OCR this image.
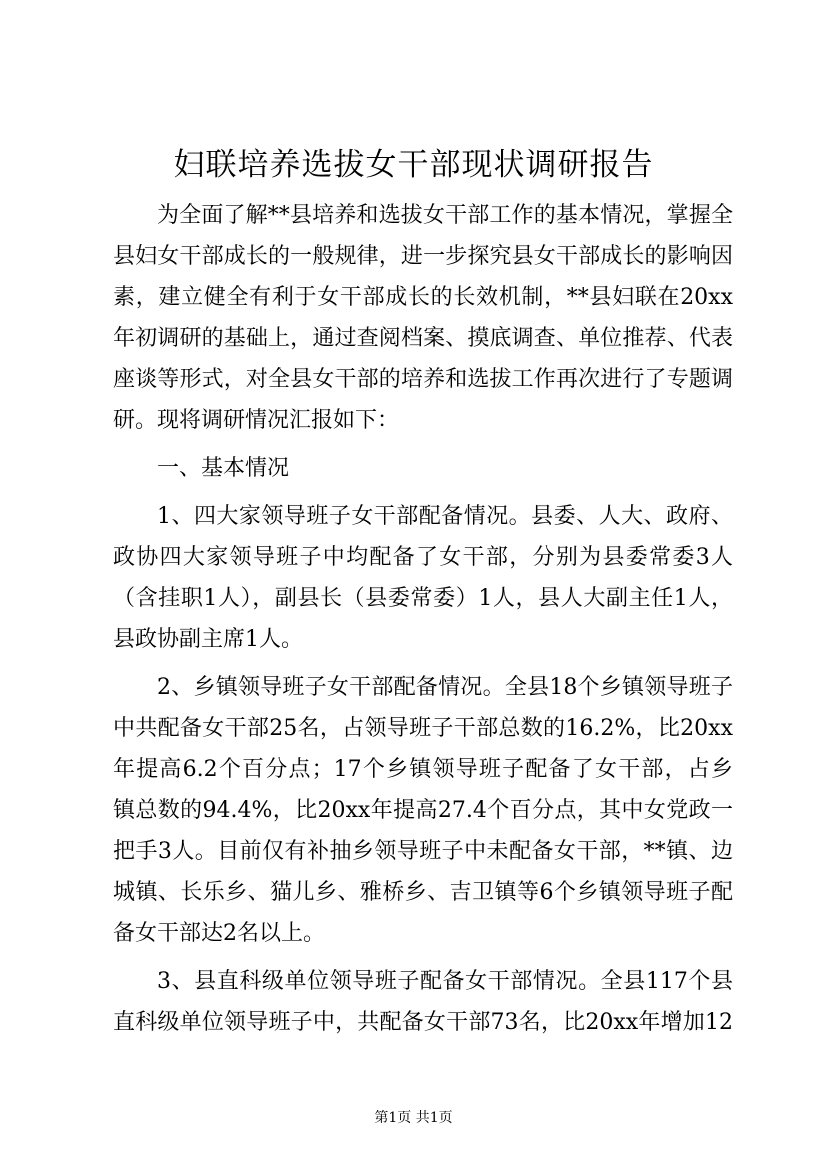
妇联培养选拔女干部现状调研报告
为全面了解**县培养和选拔女干部工作的基本情况，掌握全
县妇女干部成长的一般规律，进一步探究县女干部成长的影响因
素，建立健全有利于女干部成长的长效机制，**县妇联在20xx
年初调研的基础上，通过查阅档案、摸底调查、单位推荐、代表
座谈等形式，对全县女干部的培养和选拔工作再次进行了专题调
研。现将调研情况汇报如下：
一、基本情况
1、四大家领导班子女干部配备情况。县委、人大、政府、
政协四大家领导班子中均配备了女干部，分别为县委常委3人
（含挂职1人），副县长（县委常委）1人，县人大副主任1人，
县政协副主席1人。
2、乡镇领导班子女干部配备情况。全县18个乡镇领导班子
中共配备女干部25名，占领导班子干部总数的16.2%，比20xx
年提高6.2个百分点；17个乡镇领导班子配备了女干部，占乡
镇总数的94.4%，比20xx年提高27.4个百分点，其中女党政一
把手3人。目前仅有补抽乡领导班子中未配备女干部，**镇、边
城镇、长乐乡、猫儿乡、雅桥乡、吉卫镇等6个乡镇领导班子配
备女干部达2名以上。
3、县直科级单位领导班子配备女干部情况。全县117个县
直科级单位领导班子中，共配备女干部73名，比20xx年增加12
第1页 共1页
